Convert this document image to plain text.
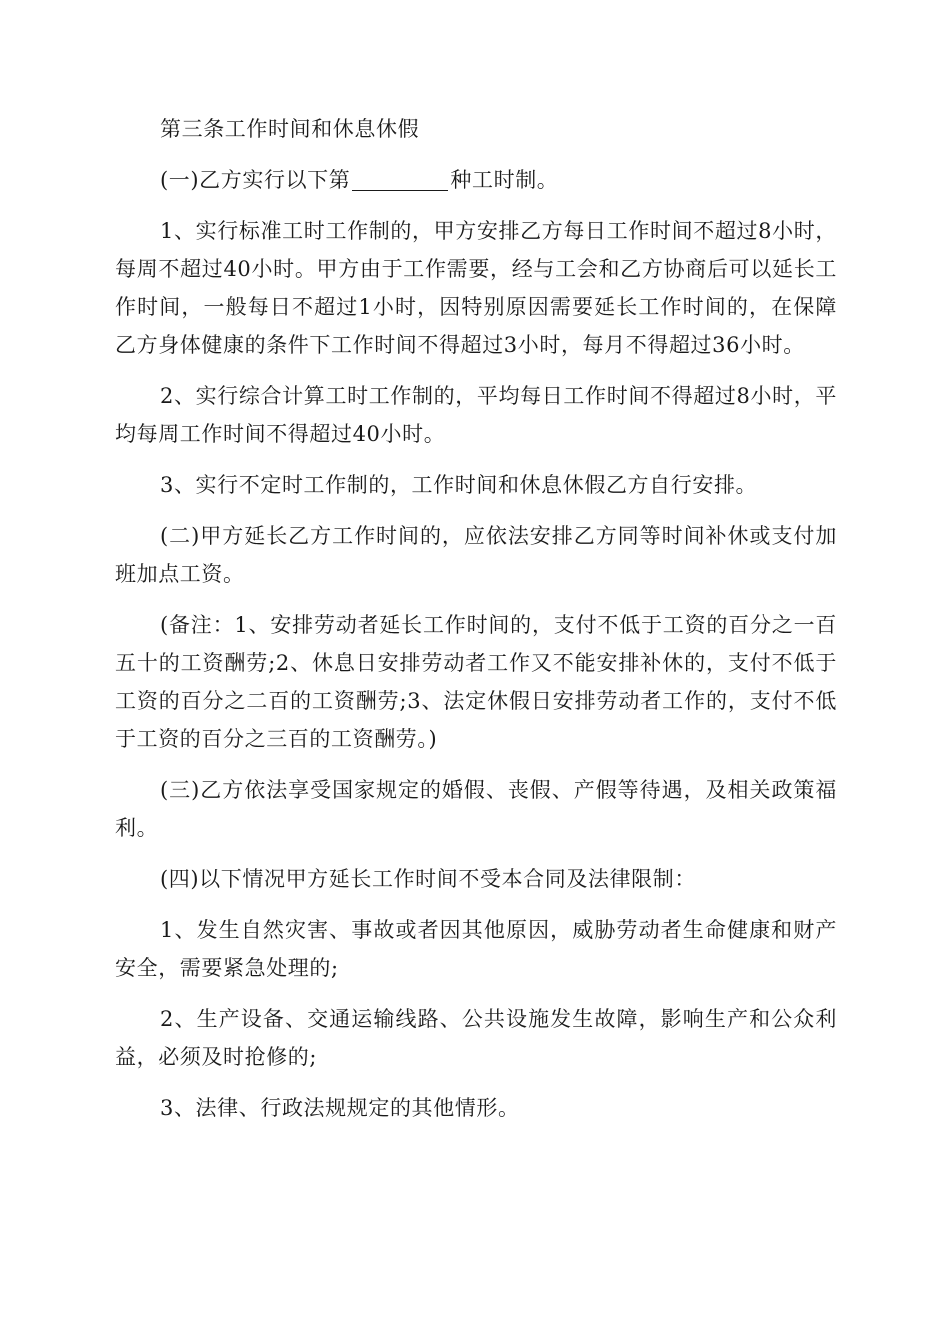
第三条工作时间和休息休假

(一)乙方实行以下第	种工时制。

1、实行标准工时工作制的，甲方安排乙方每日工作时间不超过8小时，每周不超过40小时。甲方由于工作需要，经与工会和乙方协商后可以延长工作时间，一般每日不超过1小时，因特别原因需要延长工作时间的，在保障乙方身体健康的条件下工作时间不得超过3小时，每月不得超过36小时。

2、实行综合计算工时工作制的，平均每日工作时间不得超过8小时，平均每周工作时间不得超过40小时。

3、实行不定时工作制的，工作时间和休息休假乙方自行安排。

(二)甲方延长乙方工作时间的，应依法安排乙方同等时间补休或支付加班加点工资。

(备注：1、安排劳动者延长工作时间的，支付不低于工资的百分之一百五十的工资酬劳;2、休息日安排劳动者工作又不能安排补休的，支付不低于工资的百分之二百的工资酬劳;3、法定休假日安排劳动者工作的，支付不低于工资的百分之三百的工资酬劳。)

(三)乙方依法享受国家规定的婚假、丧假、产假等待遇，及相关政策福利。

(四)以下情况甲方延长工作时间不受本合同及法律限制：

1、发生自然灾害、事故或者因其他原因，威胁劳动者生命健康和财产安全，需要紧急处理的;

2、生产设备、交通运输线路、公共设施发生故障，影响生产和公众利益，必须及时抢修的;

3、法律、行政法规规定的其他情形。
